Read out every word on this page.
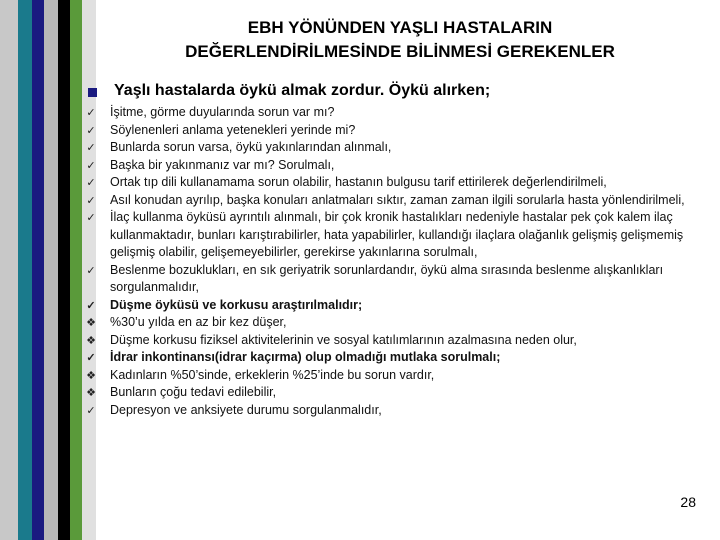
EBH YÖNÜNDEN YAŞLI HASTALARIN
DEĞERLENDİRİLMESİNDE BİLİNMESİ GEREKENLER
Yaşlı hastalarda öykü almak zordur. Öykü alırken;
✓ İşitme, görme duyularında sorun var mı?
✓ Söylenenleri anlama yetenekleri yerinde mi?
✓ Bunlarda sorun varsa, öykü yakınlarından alınmalı,
✓ Başka bir yakınmanız var mı? Sorulmalı,
✓ Ortak tıp dili kullanamama sorun olabilir, hastanın bulgusu tarif ettirilerek değerlendirilmeli,
✓ Asıl konudan ayrılıp, başka konuları anlatmaları sıktır, zaman zaman ilgili sorularla hasta yönlendirilmeli,
✓ İlaç kullanma öyküsü ayrıntılı alınmalı, bir çok kronik hastalıkları nedeniyle hastalar pek çok kalem ilaç kullanmaktadır, bunları karıştırabilirler, hata yapabilirler, kullandığı ilaçlara olağanlık gelişmiş gelişmemiş gelişmiş olabilir, gelişemeyebilirler, gerekirse yakınlarına sorulmalı,
✓ Beslenme bozuklukları, en sık geriyatrik sorunlardandır, öykü alma sırasında beslenme alışkanlıkları sorgulanmalıdır,
✓ Düşme öyküsü ve korkusu araştırılmalıdır;
❖ %30’u yılda en az bir kez düşer,
❖ Düşme korkusu fiziksel aktivitelerinin ve sosyal katılımlarının azalmasına neden olur,
✓ İdrar inkontinansı(idrar kaçırma) olup olmadığı mutlaka sorulmalı;
❖ Kadınların %50’sinde, erkeklerin %25’inde bu sorun vardır,
❖ Bunların çoğu tedavi edilebilir,
✓ Depresyon ve anksiyete durumu sorgulanmalıdır,
28
